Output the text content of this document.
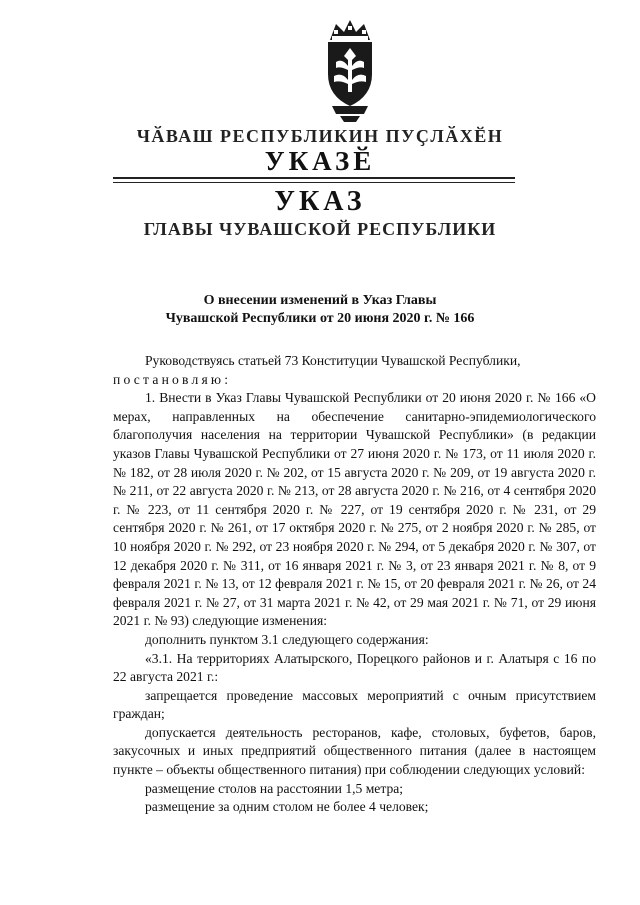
ЧӐВАШ РЕСПУБЛИКИН ПУҪЛӐХӖН
УКАЗӖ
УКАЗ
ГЛАВЫ ЧУВАШСКОЙ РЕСПУБЛИКИ
О внесении изменений в Указ Главы
Чувашской Республики от 20 июня 2020 г. № 166

Руководствуясь статьей 73 Конституции Чувашской Республики,

постановляю:

1. Внести в Указ Главы Чувашской Республики от 20 июня 2020 г. № 166 «О мерах, направленных на обеспечение санитарно-эпидемиологического благополучия населения на территории Чувашской Республики» (в редакции указов Главы Чувашской Республики от 27 июня 2020 г. № 173, от 11 июля 2020 г. № 182, от 28 июля 2020 г. № 202, от 15 августа 2020 г. № 209, от 19 августа 2020 г. № 211, от 22 августа 2020 г. № 213, от 28 августа 2020 г. № 216, от 4 сентября 2020 г. № 223, от 11 сентября 2020 г. № 227, от 19 сентября 2020 г. № 231, от 29 сентября 2020 г. № 261, от 17 октября 2020 г. № 275, от 2 ноября 2020 г. № 285, от 10 ноября 2020 г. № 292, от 23 ноября 2020 г. № 294, от 5 декабря 2020 г. № 307, от 12 декабря 2020 г. № 311, от 16 января 2021 г. № 3, от 23 января 2021 г. № 8, от 9 февраля 2021 г. № 13, от 12 февраля 2021 г. № 15, от 20 февраля 2021 г. № 26, от 24 февраля 2021 г. № 27, от 31 марта 2021 г. № 42, от 29 мая 2021 г. № 71, от 29 июня 2021 г. № 93) следующие изменения:

дополнить пунктом 3.1 следующего содержания:

«3.1. На территориях Алатырского, Порецкого районов и г. Алатыря с 16 по 22 августа 2021 г.:

запрещается проведение массовых мероприятий с очным присутствием граждан;

допускается деятельность ресторанов, кафе, столовых, буфетов, баров, закусочных и иных предприятий общественного питания (далее в настоящем пункте – объекты общественного питания) при соблюдении следующих условий:

размещение столов на расстоянии 1,5 метра;

размещение за одним столом не более 4 человек;
